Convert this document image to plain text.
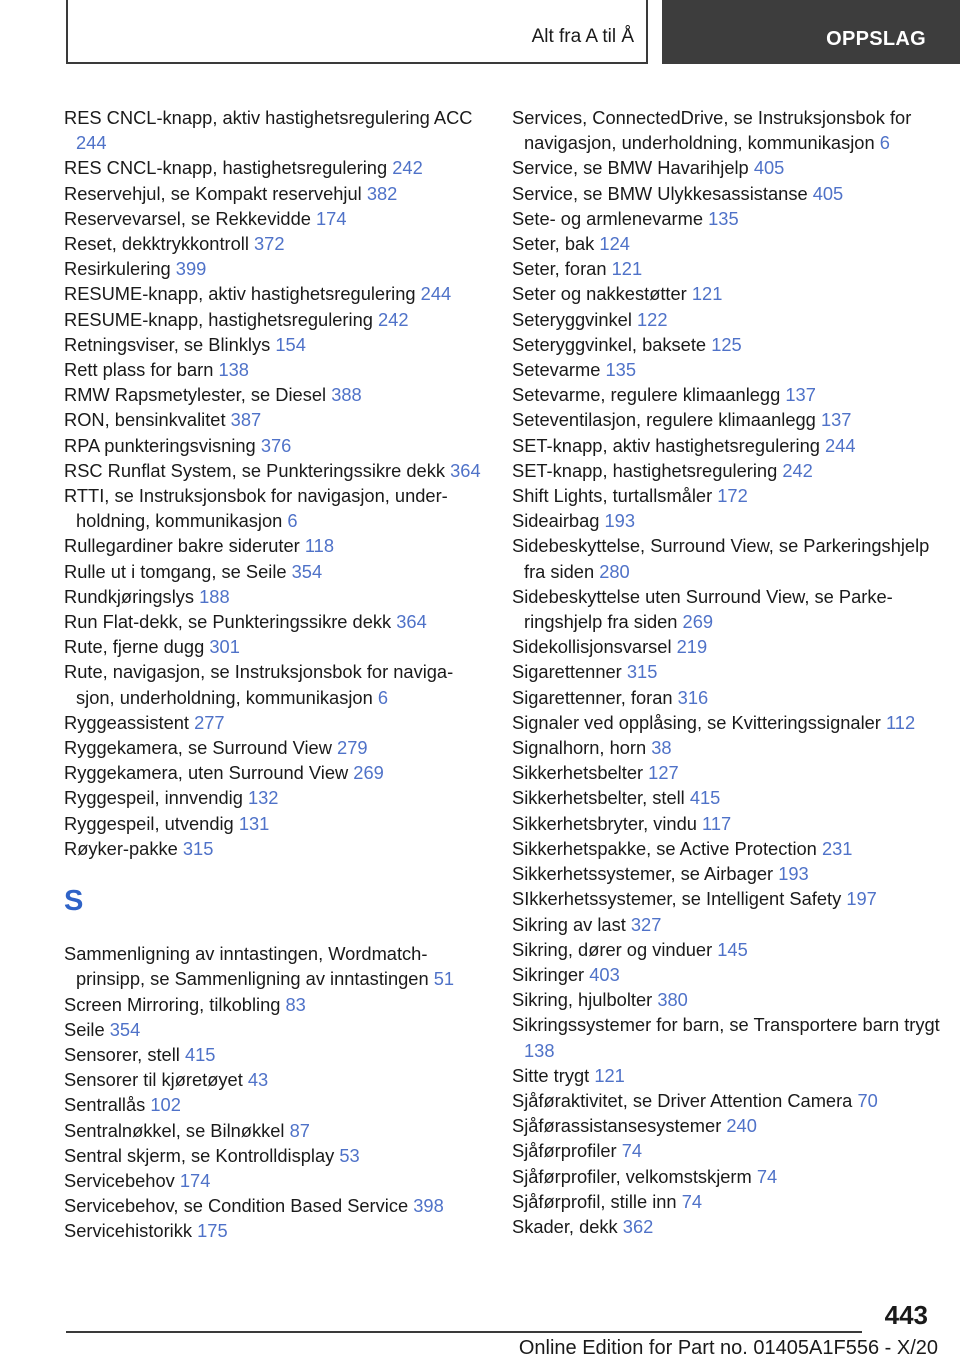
Alt fra A til Å	OPPSLAG
RES CNCL-knapp, aktiv hastighetsregulering ACC 244
RES CNCL-knapp, hastighetsregulering 242
Reservehjul, se Kompakt reservehjul 382
Reservevarsel, se Rekkevidde 174
Reset, dekktrykkontroll 372
Resirkulering 399
RESUME-knapp, aktiv hastighetsregulering 244
RESUME-knapp, hastighetsregulering 242
Retningsviser, se Blinklys 154
Rett plass for barn 138
RMW Rapsmetylester, se Diesel 388
RON, bensinkvalitet 387
RPA punkteringsvisning 376
RSC Runflat System, se Punkteringssikre dekk 364
RTTI, se Instruksjonsbok for navigasjon, underholdning, kommunikasjon 6
Rullegardiner bakre sideruter 118
Rulle ut i tomgang, se Seile 354
Rundkjøringslys 188
Run Flat-dekk, se Punkteringssikre dekk 364
Rute, fjerne dugg 301
Rute, navigasjon, se Instruksjonsbok for navigasjon, underholdning, kommunikasjon 6
Ryggeassistent 277
Ryggekamera, se Surround View 279
Ryggekamera, uten Surround View 269
Ryggespeil, innvendig 132
Ryggespeil, utvendig 131
Røyker-pakke 315
S
Sammenligning av inntastingen, Wordmatch-prinsipp, se Sammenligning av inntastingen 51
Screen Mirroring, tilkobling 83
Seile 354
Sensorer, stell 415
Sensorer til kjøretøyet 43
Sentrallås 102
Sentralnøkkel, se Bilnøkkel 87
Sentral skjerm, se Kontrolldisplay 53
Servicebehov 174
Servicebehov, se Condition Based Service 398
Servicehistorikk 175
Services, ConnectedDrive, se Instruksjonsbok for navigasjon, underholdning, kommunikasjon 6
Service, se BMW Havarihjelp 405
Service, se BMW Ulykkesassistanse 405
Sete- og armlenevarme 135
Seter, bak 124
Seter, foran 121
Seter og nakkestøtter 121
Seteryggvinkel 122
Seteryggvinkel, baksete 125
Setevarme 135
Setevarme, regulere klimaanlegg 137
Seteventilasjon, regulere klimaanlegg 137
SET-knapp, aktiv hastighetsregulering 244
SET-knapp, hastighetsregulering 242
Shift Lights, turtallsmåler 172
Sideairbag 193
Sidebeskyttelse, Surround View, se Parkeringshjelp fra siden 280
Sidebeskyttelse uten Surround View, se Parkeringshjelp fra siden 269
Sidekollisjonsvarsel 219
Sigarettenner 315
Sigarettenner, foran 316
Signaler ved opplåsing, se Kvitteringssignaler 112
Signalhorn, horn 38
Sikkerhetsbelter 127
Sikkerhetsbelter, stell 415
Sikkerhetsbryter, vindu 117
Sikkerhetspakke, se Active Protection 231
Sikkerhetssystemer, se Airbager 193
SIkkerhetssystemer, se Intelligent Safety 197
Sikring av last 327
Sikring, dører og vinduer 145
Sikringer 403
Sikring, hjulbolter 380
Sikringssystemer for barn, se Transportere barn trygt 138
Sitte trygt 121
Sjåføraktivitet, se Driver Attention Camera 70
Sjåførassistansesystemer 240
Sjåførprofiler 74
Sjåførprofiler, velkomstskjerm 74
Sjåførprofil, stille inn 74
Skader, dekk 362
443
Online Edition for Part no. 01405A1F556 - X/20
